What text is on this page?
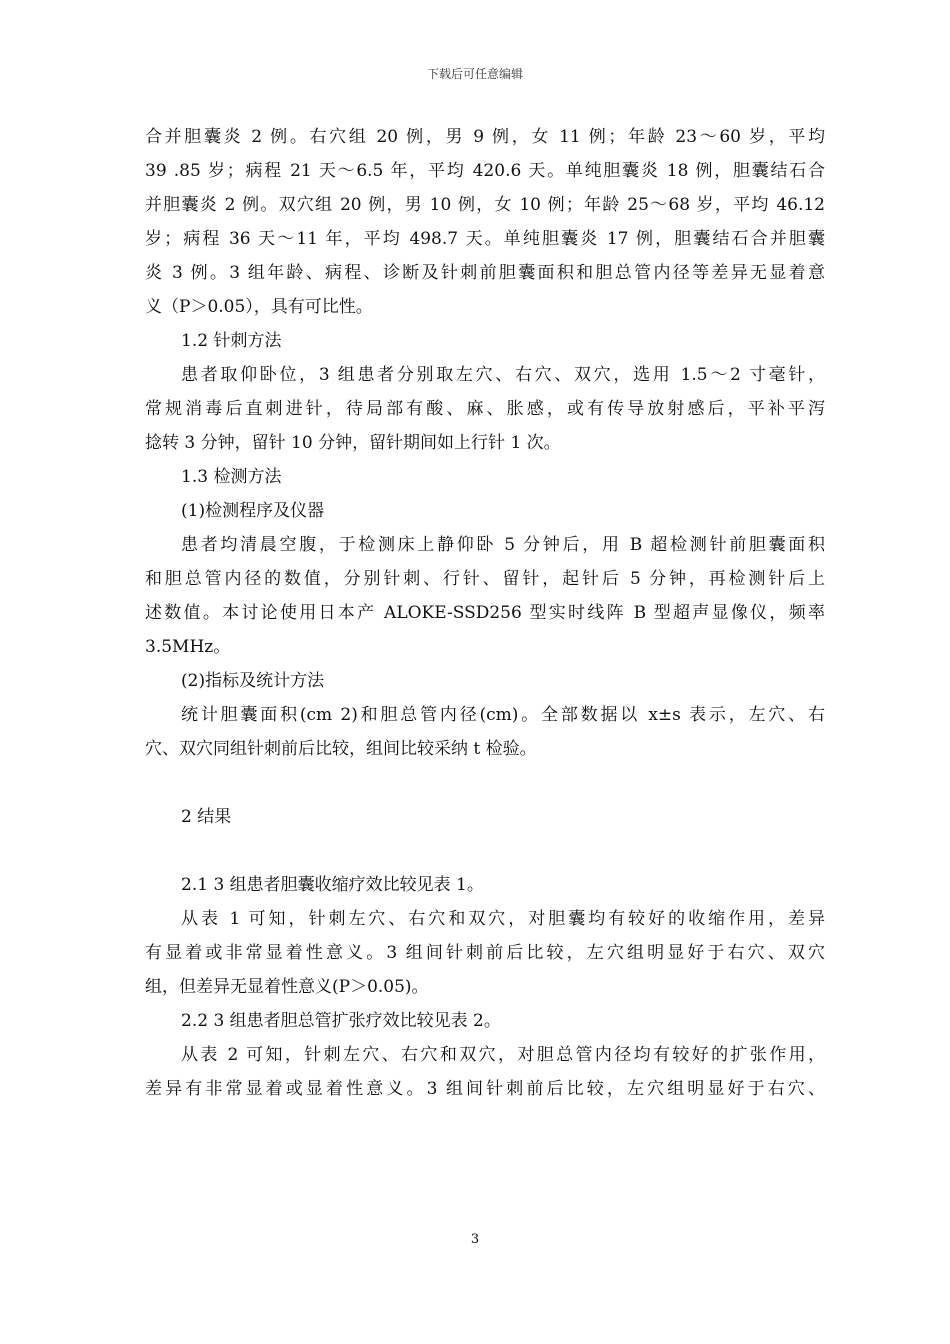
下载后可任意编辑
合并胆囊炎 2 例。右穴组 20 例，男 9 例，女 11 例；年龄 23～60 岁，平均
39 .85 岁；病程 21 天～6.5 年，平均 420.6 天。单纯胆囊炎 18 例，胆囊结石合
并胆囊炎 2 例。双穴组 20 例，男 10 例，女 10 例；年龄 25～68 岁，平均 46.12
岁；病程 36 天～11 年，平均 498.7 天。单纯胆囊炎 17 例，胆囊结石合并胆囊
炎 3 例。3 组年龄、病程、诊断及针刺前胆囊面积和胆总管内径等差异无显着意
义（P＞0.05），具有可比性。
1.2 针刺方法
患者取仰卧位，3 组患者分别取左穴、右穴、双穴，选用 1.5～2 寸毫针，
常规消毒后直刺进针，待局部有酸、麻、胀感，或有传导放射感后，平补平泻
捻转 3 分钟，留针 10 分钟，留针期间如上行针 1 次。
1.3 检测方法
(1)检测程序及仪器
患者均清晨空腹，于检测床上静仰卧 5 分钟后，用 B 超检测针前胆囊面积
和胆总管内径的数值，分别针刺、行针、留针，起针后 5 分钟，再检测针后上
述数值。本讨论使用日本产 ALOKE-SSD256 型实时线阵 B 型超声显像仪，频率
3.5MHz。
(2)指标及统计方法
统计胆囊面积(cm 2)和胆总管内径(cm)。全部数据以 x±s 表示，左穴、右
穴、双穴同组针刺前后比较，组间比较采纳 t 检验。
2 结果
2.1 3 组患者胆囊收缩疗效比较见表 1。
从表 1 可知，针刺左穴、右穴和双穴，对胆囊均有较好的收缩作用，差异
有显着或非常显着性意义。3 组间针刺前后比较，左穴组明显好于右穴、双穴
组，但差异无显着性意义(P＞0.05)。
2.2 3 组患者胆总管扩张疗效比较见表 2。
从表 2 可知，针刺左穴、右穴和双穴，对胆总管内径均有较好的扩张作用，
差异有非常显着或显着性意义。3 组间针刺前后比较，左穴组明显好于右穴、
3
